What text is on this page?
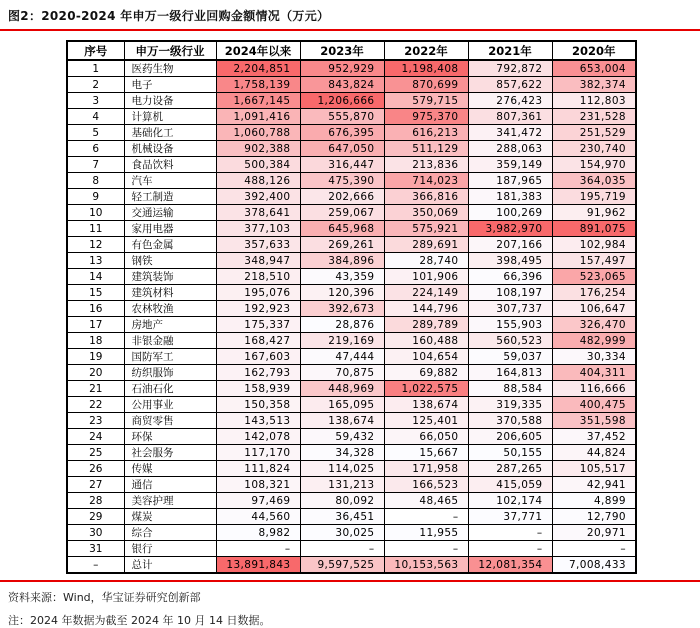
图2：2020-2024 年申万一级行业回购金额情况（万元）
序号	申万一级行业	2024年以来	2023年	2022年	2021年	2020年
1	医药生物	2,204,851	952,929	1,198,408	792,872	653,004
2	电子	1,758,139	843,824	870,699	857,622	382,374
3	电力设备	1,667,145	1,206,666	579,715	276,423	112,803
4	计算机	1,091,416	555,870	975,370	807,361	231,528
5	基础化工	1,060,788	676,395	616,213	341,472	251,529
6	机械设备	902,388	647,050	511,129	288,063	230,740
7	食品饮料	500,384	316,447	213,836	359,149	154,970
8	汽车	488,126	475,390	714,023	187,965	364,035
9	轻工制造	392,400	202,666	366,816	181,383	195,719
10	交通运输	378,641	259,067	350,069	100,269	91,962
11	家用电器	377,103	645,968	575,921	3,982,970	891,075
12	有色金属	357,633	269,261	289,691	207,166	102,984
13	钢铁	348,947	384,896	28,740	398,495	157,497
14	建筑装饰	218,510	43,359	101,906	66,396	523,065
15	建筑材料	195,076	120,396	224,149	108,197	176,254
16	农林牧渔	192,923	392,673	144,796	307,737	106,647
17	房地产	175,337	28,876	289,789	155,903	326,470
18	非银金融	168,427	219,169	160,488	560,523	482,999
19	国防军工	167,603	47,444	104,654	59,037	30,334
20	纺织服饰	162,793	70,875	69,882	164,813	404,311
21	石油石化	158,939	448,969	1,022,575	88,584	116,666
22	公用事业	150,358	165,095	138,674	319,335	400,475
23	商贸零售	143,513	138,674	125,401	370,588	351,598
24	环保	142,078	59,432	66,050	206,605	37,452
25	社会服务	117,170	34,328	15,667	50,155	44,824
26	传媒	111,824	114,025	171,958	287,265	105,517
27	通信	108,321	131,213	166,523	415,059	42,941
28	美容护理	97,469	80,092	48,465	102,174	4,899
29	煤炭	44,560	36,451	–	37,771	12,790
30	综合	8,982	30,025	11,955	–	20,971
31	银行	–	–	–	–	–
–	总计	13,891,843	9,597,525	10,153,563	12,081,354	7,008,433
资料来源：Wind，华宝证券研究创新部
注：2024 年数据为截至 2024 年 10 月 14 日数据。
